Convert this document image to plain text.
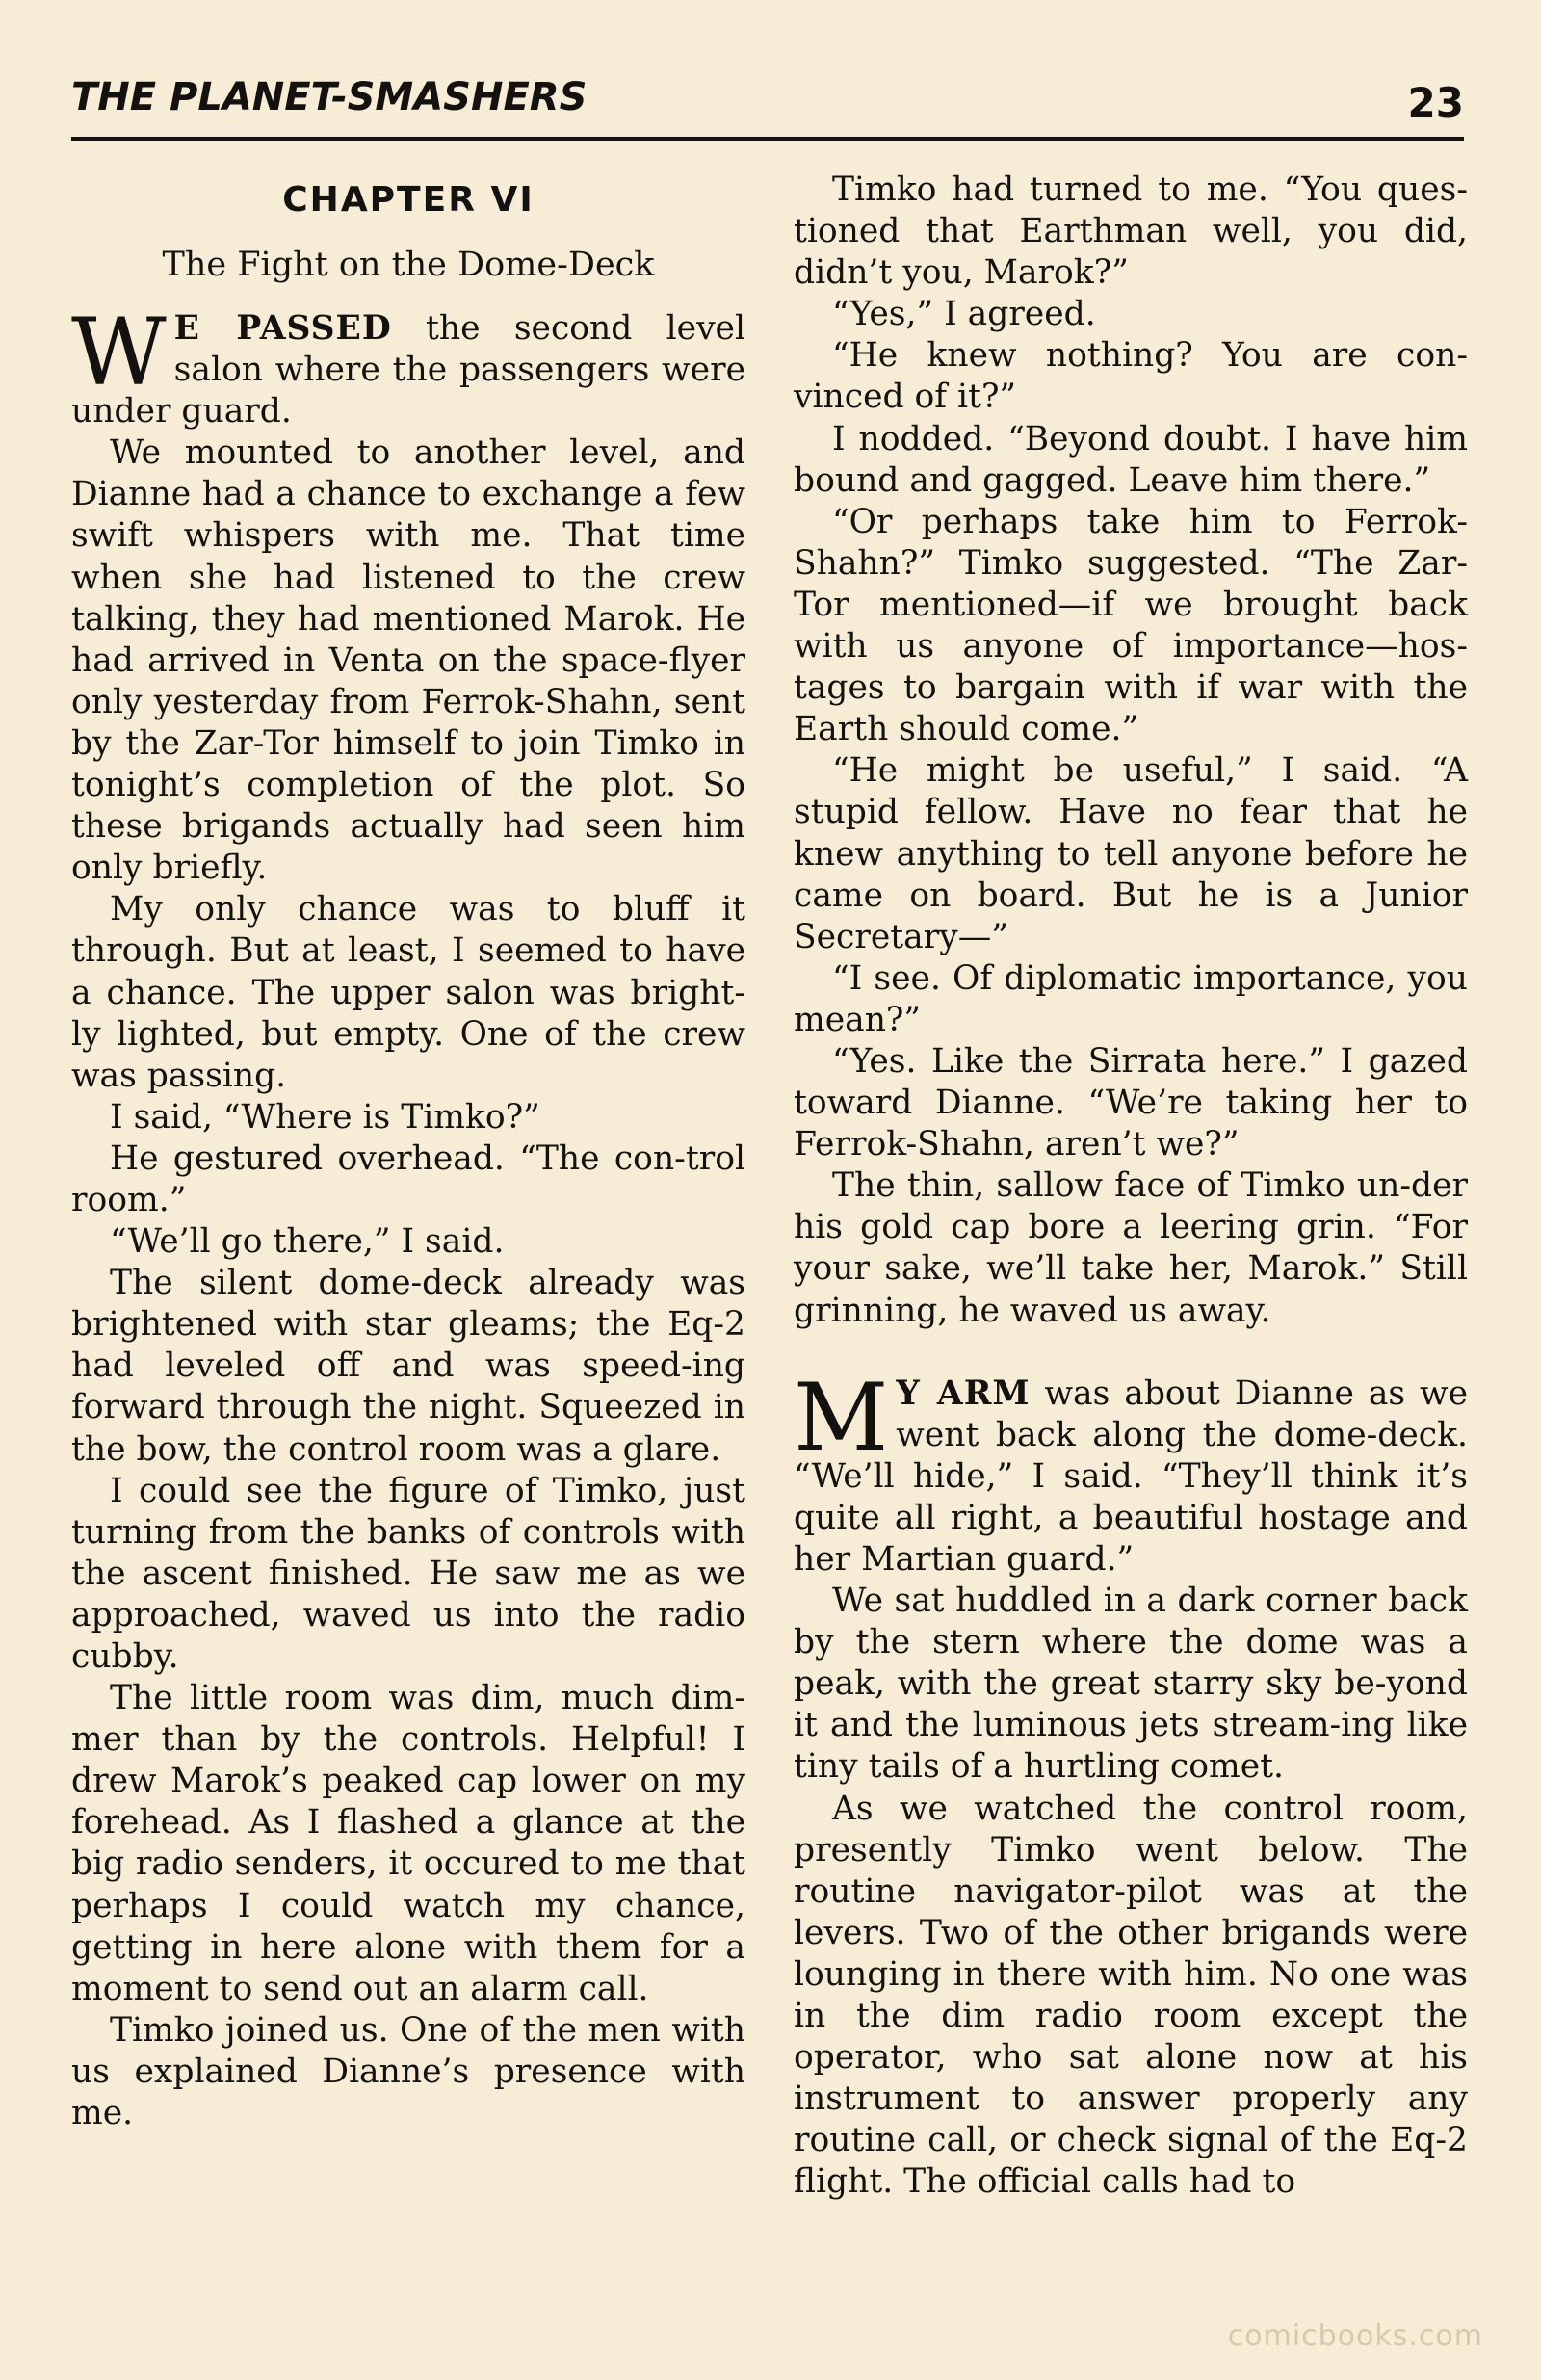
THE PLANET-SMASHERS	23
CHAPTER VI
The Fight on the Dome-Deck

W E PASSED the second level salon where the passengers were under guard.

We mounted to another level, and Dianne had a chance to exchange a few swift whispers with me. That time when she had listened to the crew talking, they had mentioned Marok. He had arrived in Venta on the space-flyer only yesterday from Ferrok-Shahn, sent by the Zar-Tor himself to join Timko in tonight’s completion of the plot. So these brigands actually had seen him only briefly.

My only chance was to bluff it through. But at least, I seemed to have a chance. The upper salon was bright-ly lighted, but empty. One of the crew was passing.

I said, “Where is Timko?”

He gestured overhead. “The con-trol room.”

“We’ll go there,” I said.

The silent dome-deck already was brightened with star gleams; the Eq-2 had leveled off and was speed-ing forward through the night. Squeezed in the bow, the control room was a glare.

I could see the figure of Timko, just turning from the banks of controls with the ascent finished. He saw me as we approached, waved us into the radio cubby.

The little room was dim, much dim-mer than by the controls. Helpful! I drew Marok’s peaked cap lower on my forehead. As I flashed a glance at the big radio senders, it occured to me that perhaps I could watch my chance, getting in here alone with them for a moment to send out an alarm call.

Timko joined us. One of the men with us explained Dianne’s presence with me.

Timko had turned to me. “You ques-tioned that Earthman well, you did, didn’t you, Marok?”

“Yes,” I agreed.

“He knew nothing? You are con-vinced of it?”

I nodded. “Beyond doubt. I have him bound and gagged. Leave him there.”

“Or perhaps take him to Ferrok-Shahn?” Timko suggested. “The Zar-Tor mentioned—if we brought back with us anyone of importance—hos-tages to bargain with if war with the Earth should come.”

“He might be useful,” I said. “A stupid fellow. Have no fear that he knew anything to tell anyone before he came on board. But he is a Junior Secretary—”

“I see. Of diplomatic importance, you mean?”

“Yes. Like the Sirrata here.” I gazed toward Dianne. “We’re taking her to Ferrok-Shahn, aren’t we?”

The thin, sallow face of Timko un-der his gold cap bore a leering grin. “For your sake, we’ll take her, Marok.” Still grinning, he waved us away.

M Y ARM was about Dianne as we went back along the dome-deck. “We’ll hide,” I said. “They’ll think it’s quite all right, a beautiful hostage and her Martian guard.”

We sat huddled in a dark corner back by the stern where the dome was a peak, with the great starry sky be-yond it and the luminous jets stream-ing like tiny tails of a hurtling comet.

As we watched the control room, presently Timko went below. The routine navigator-pilot was at the levers. Two of the other brigands were lounging in there with him. No one was in the dim radio room except the operator, who sat alone now at his instrument to answer properly any routine call, or check signal of the Eq-2 flight. The official calls had to

comicbooks.com
